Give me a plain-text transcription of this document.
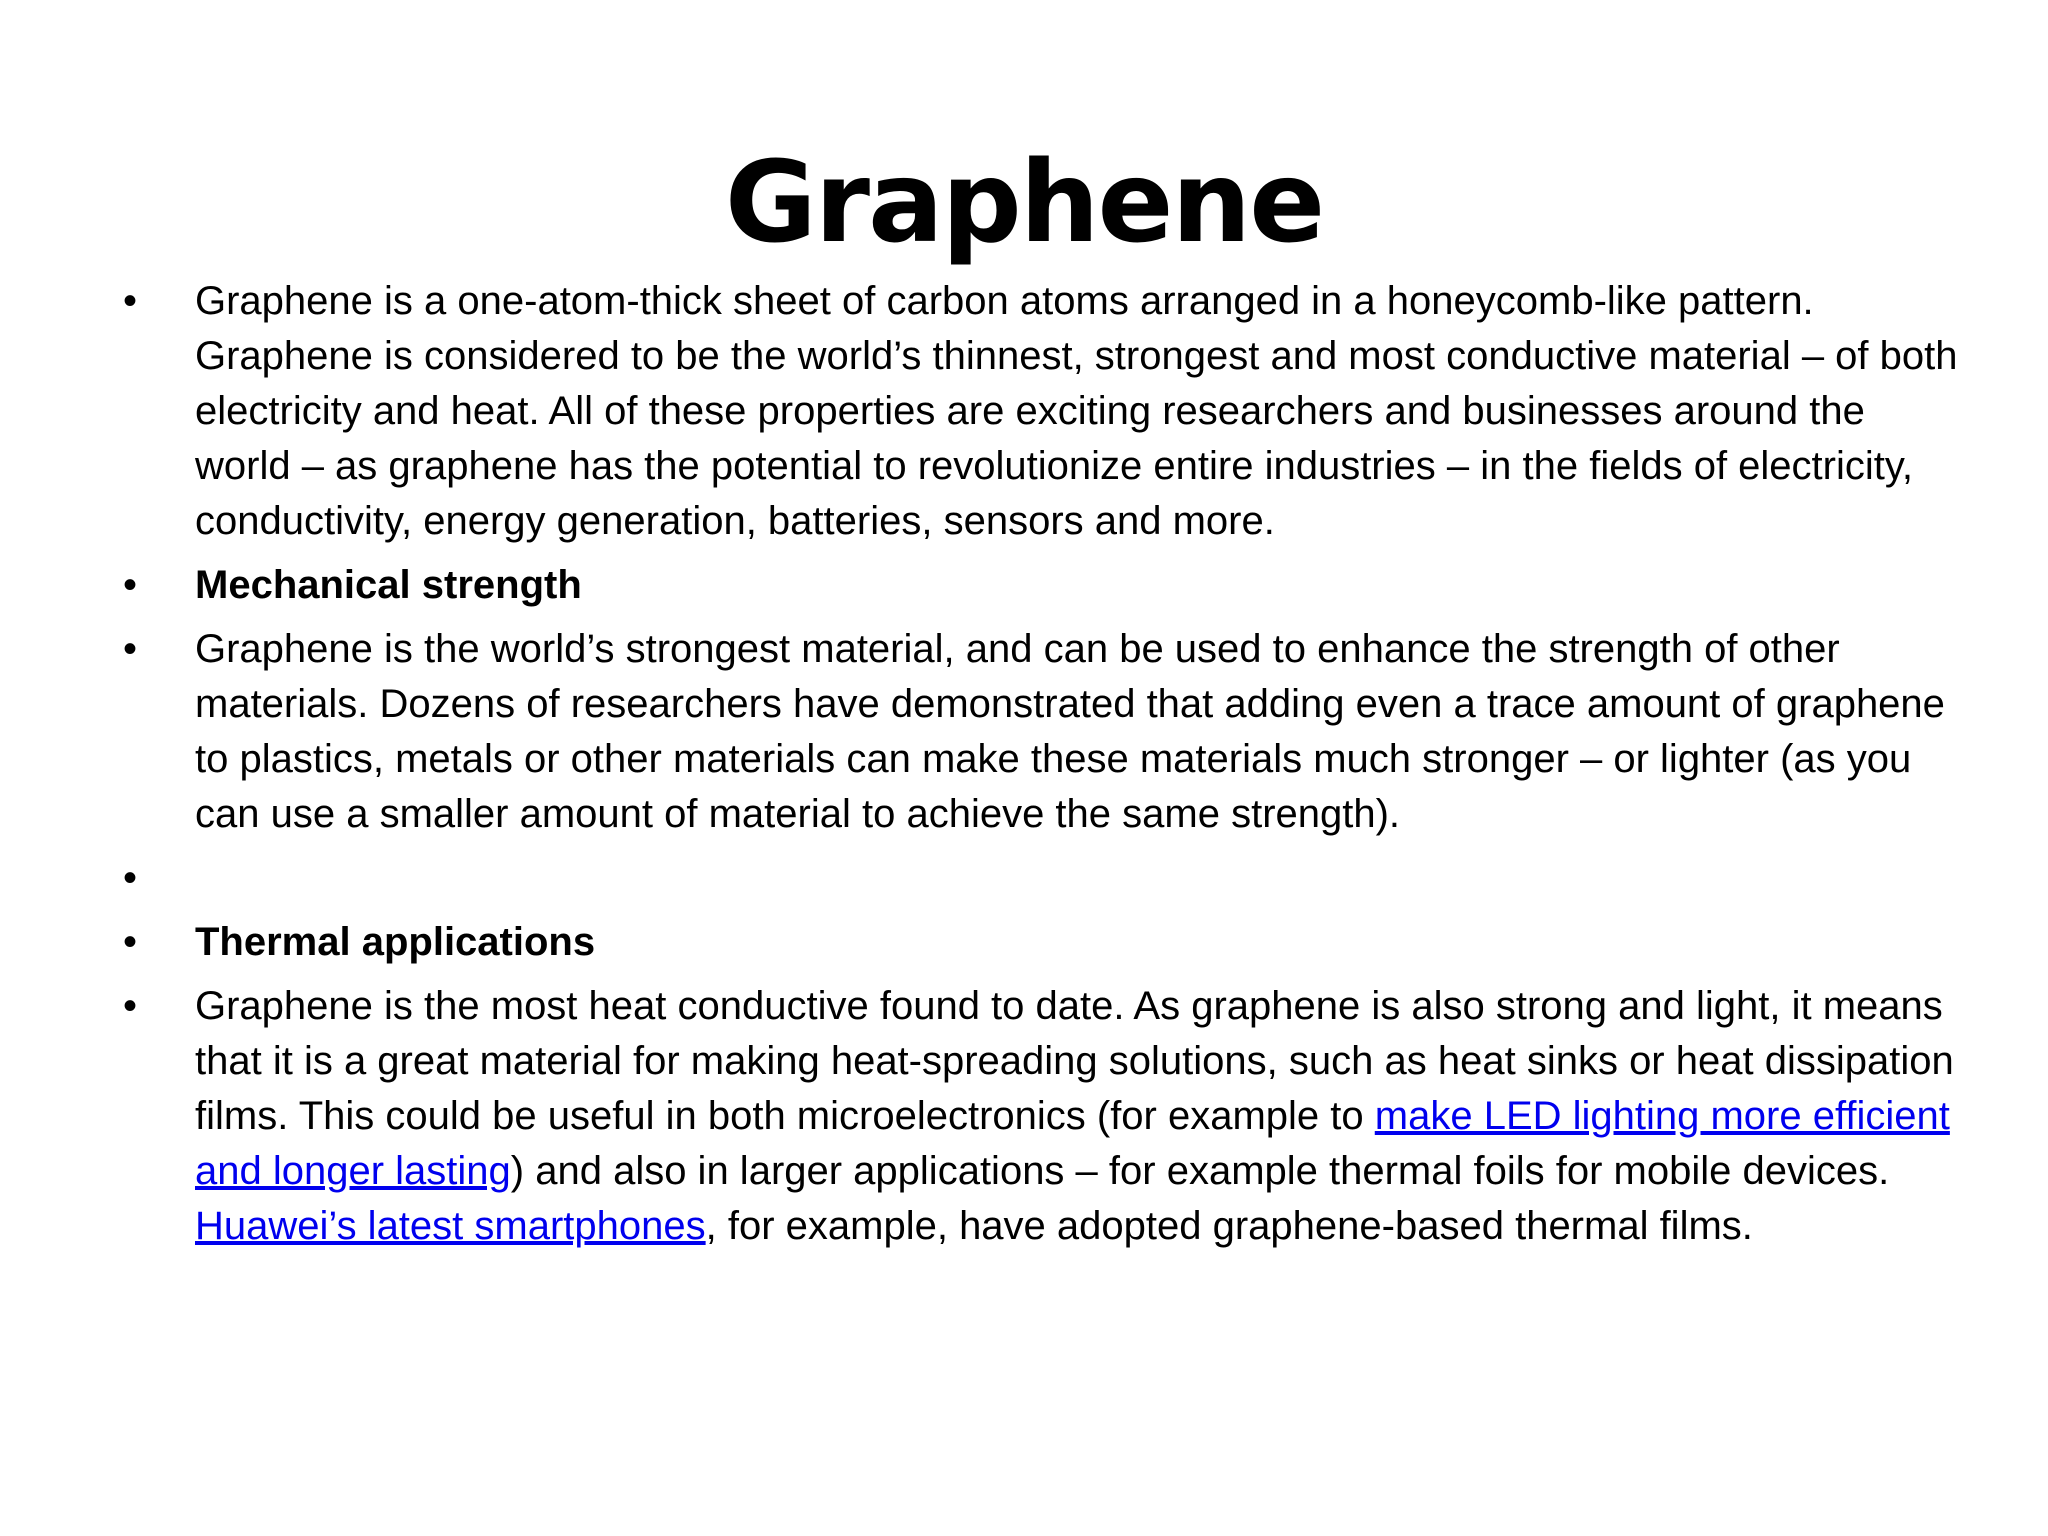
Graphene
• Graphene is a one-atom-thick sheet of carbon atoms arranged in a honeycomb-like pattern. Graphene is considered to be the world’s thinnest, strongest and most conductive material – of both electricity and heat. All of these properties are exciting researchers and businesses around the world – as graphene has the potential to revolutionize entire industries – in the fields of electricity, conductivity, energy generation, batteries, sensors and more.
• Mechanical strength
• Graphene is the world’s strongest material, and can be used to enhance the strength of other materials. Dozens of researchers have demonstrated that adding even a trace amount of graphene to plastics, metals or other materials can make these materials much stronger – or lighter (as you can use a smaller amount of material to achieve the same strength).
•
• Thermal applications
• Graphene is the most heat conductive found to date. As graphene is also strong and light, it means that it is a great material for making heat-spreading solutions, such as heat sinks or heat dissipation films. This could be useful in both microelectronics (for example to make LED lighting more efficient and longer lasting) and also in larger applications – for example thermal foils for mobile devices. Huawei’s latest smartphones, for example, have adopted graphene-based thermal films.
